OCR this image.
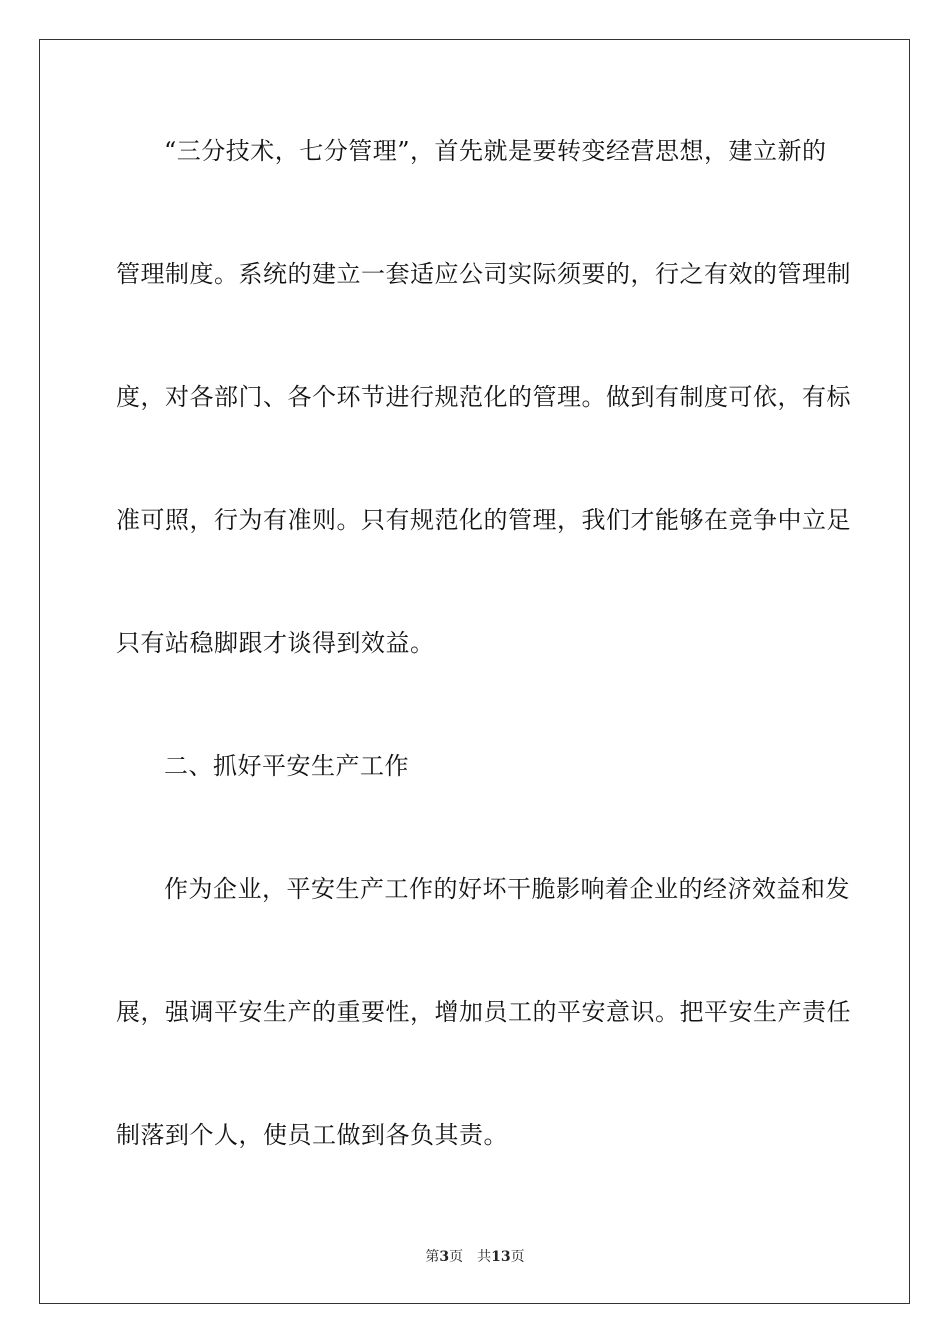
“三分技术，七分管理”，首先就是要转变经营思想，建立新的
管理制度。系统的建立一套适应公司实际须要的，行之有效的管理制
度，对各部门、各个环节进行规范化的管理。做到有制度可依，有标
准可照，行为有准则。只有规范化的管理，我们才能够在竞争中立足
只有站稳脚跟才谈得到效益。
二、抓好平安生产工作
作为企业，平安生产工作的好坏干脆影响着企业的经济效益和发
展，强调平安生产的重要性，增加员工的平安意识。把平安生产责任
制落到个人，使员工做到各负其责。
第3页 共13页
